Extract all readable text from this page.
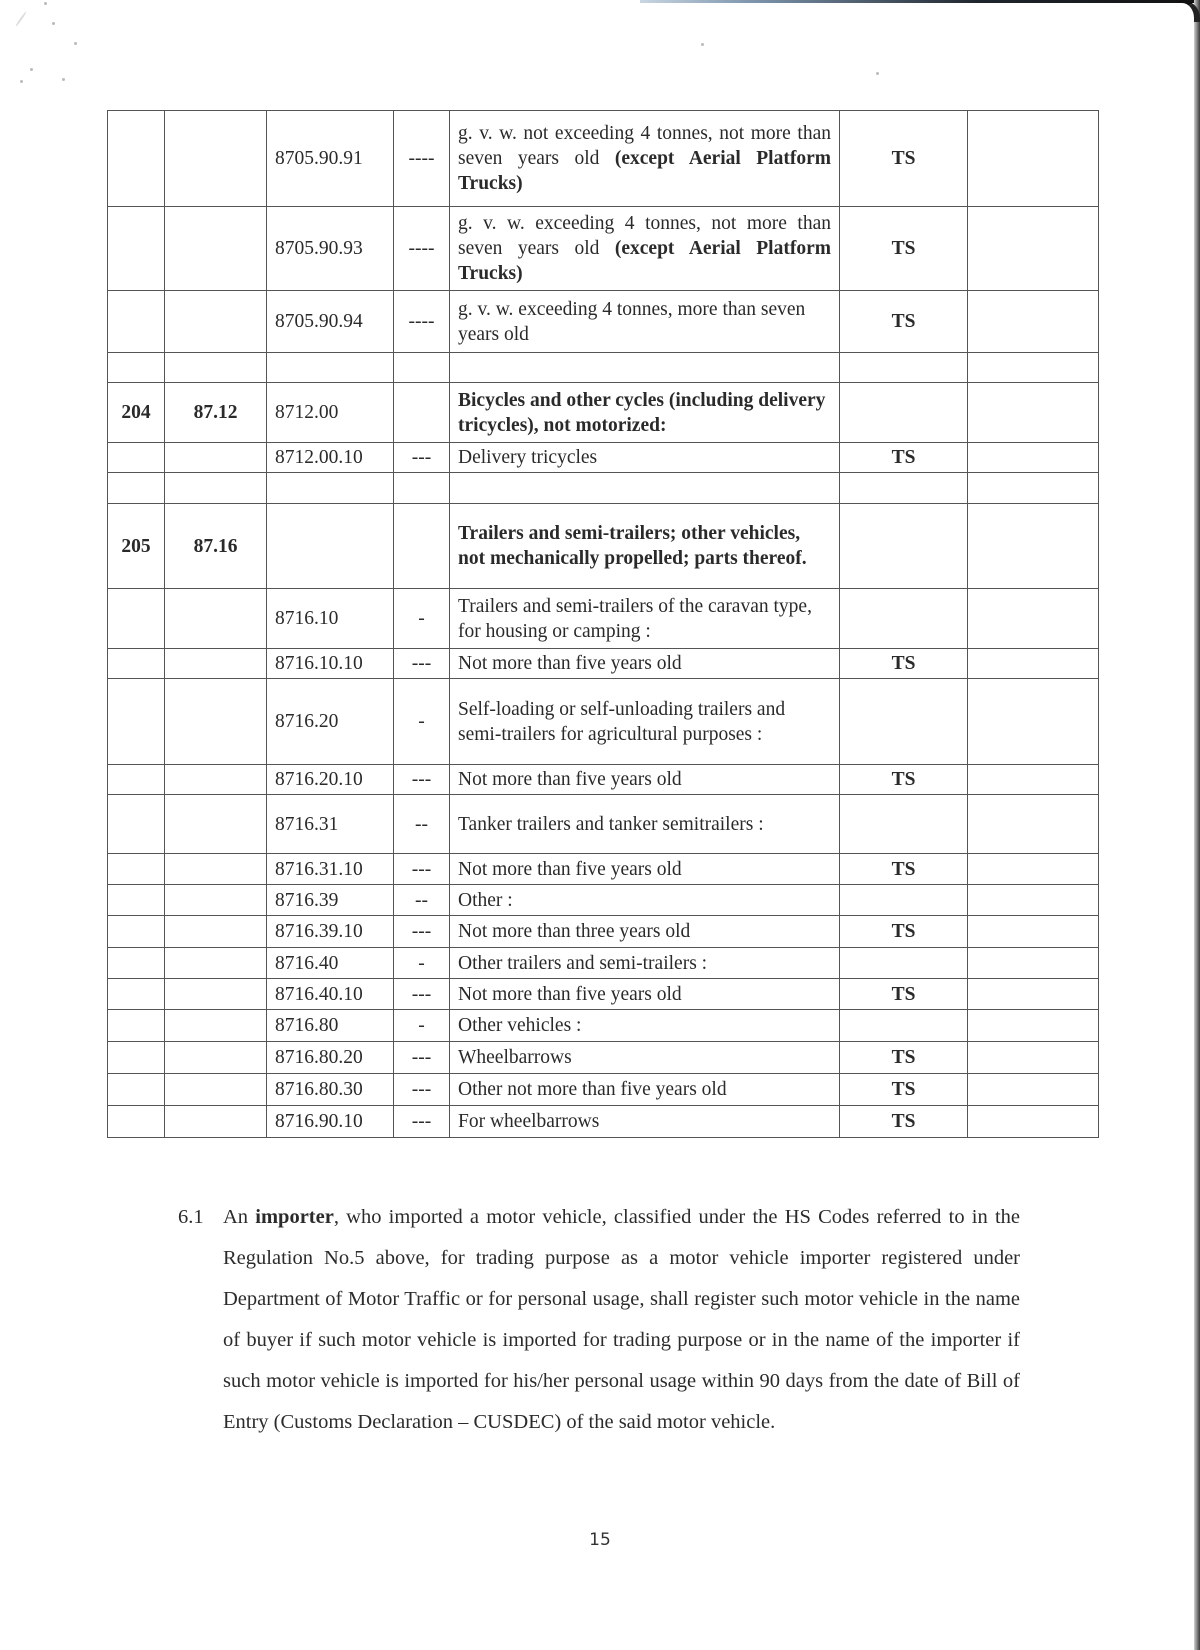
		8705.90.91	----	g. v. w. not exceeding 4 tonnes, not more than seven years old (except Aerial Platform Trucks)	TS	
		8705.90.93	----	g. v. w. exceeding 4 tonnes, not more than seven years old (except Aerial Platform Trucks)	TS	
		8705.90.94	----	g. v. w. exceeding 4 tonnes, more than seven years old	TS	

204	87.12	8712.00		Bicycles and other cycles (including delivery tricycles), not motorized:		
		8712.00.10	---	Delivery tricycles	TS	

205	87.16			Trailers and semi-trailers; other vehicles, not mechanically propelled; parts thereof.		
		8716.10	-	Trailers and semi-trailers of the caravan type, for housing or camping :		
		8716.10.10	---	Not more than five years old	TS	
		8716.20	-	Self-loading or self-unloading trailers and semi-trailers for agricultural purposes :		
		8716.20.10	---	Not more than five years old	TS	
		8716.31	--	Tanker trailers and tanker semitrailers :		
		8716.31.10	---	Not more than five years old	TS	
		8716.39	--	Other :		
		8716.39.10	---	Not more than three years old	TS	
		8716.40	-	Other trailers and semi-trailers :		
		8716.40.10	---	Not more than five years old	TS	
		8716.80	-	Other vehicles :		
		8716.80.20	---	Wheelbarrows	TS	
		8716.80.30	---	Other not more than five years old	TS	
		8716.90.10	---	For wheelbarrows	TS	
6.1 An importer, who imported a motor vehicle, classified under the HS Codes referred to in the Regulation No.5 above, for trading purpose as a motor vehicle importer registered under Department of Motor Traffic or for personal usage, shall register such motor vehicle in the name of buyer if such motor vehicle is imported for trading purpose or in the name of the importer if such motor vehicle is imported for his/her personal usage within 90 days from the date of Bill of Entry (Customs Declaration – CUSDEC) of the said motor vehicle.
15
